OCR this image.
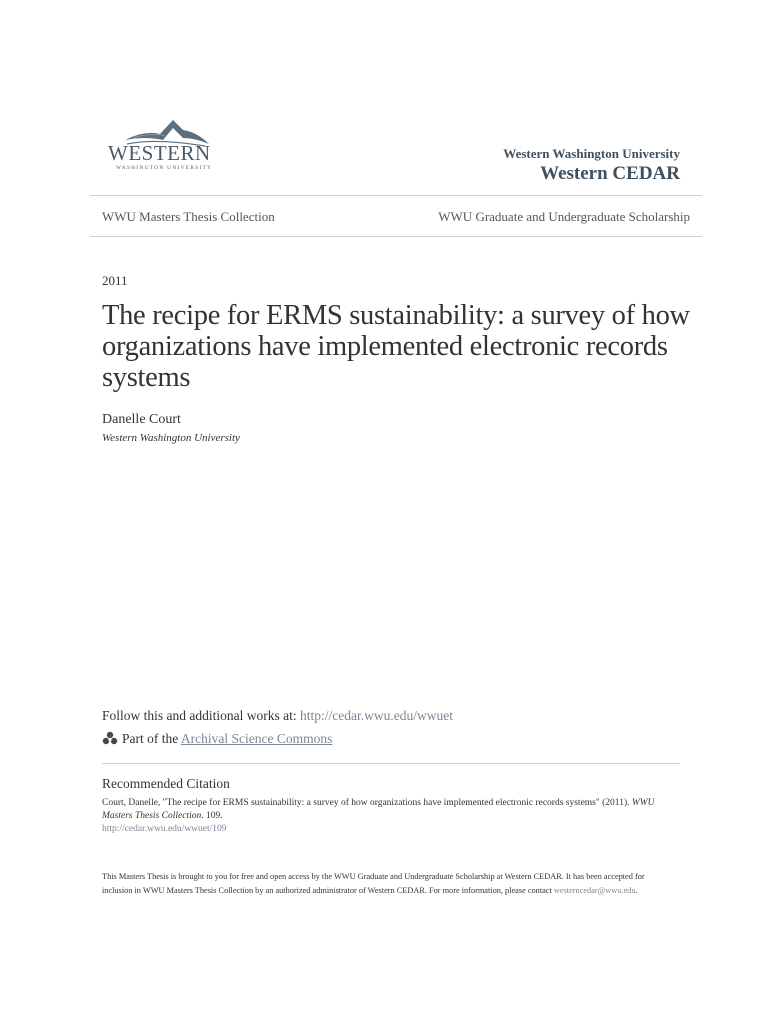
WESTERN
WASHINGTON UNIVERSITY
Western Washington University
Western CEDAR
WWU Masters Thesis Collection	WWU Graduate and Undergraduate Scholarship
2011
The recipe for ERMS sustainability: a survey of how organizations have implemented electronic records systems
Danelle Court
Western Washington University
Follow this and additional works at: http://cedar.wwu.edu/wwuet
Part of the Archival Science Commons
Recommended Citation
Court, Danelle, "The recipe for ERMS sustainability: a survey of how organizations have implemented electronic records systems" (2011). WWU Masters Thesis Collection. 109.
http://cedar.wwu.edu/wwuet/109
This Masters Thesis is brought to you for free and open access by the WWU Graduate and Undergraduate Scholarship at Western CEDAR. It has been accepted for inclusion in WWU Masters Thesis Collection by an authorized administrator of Western CEDAR. For more information, please contact westerncedar@wwu.edu.
